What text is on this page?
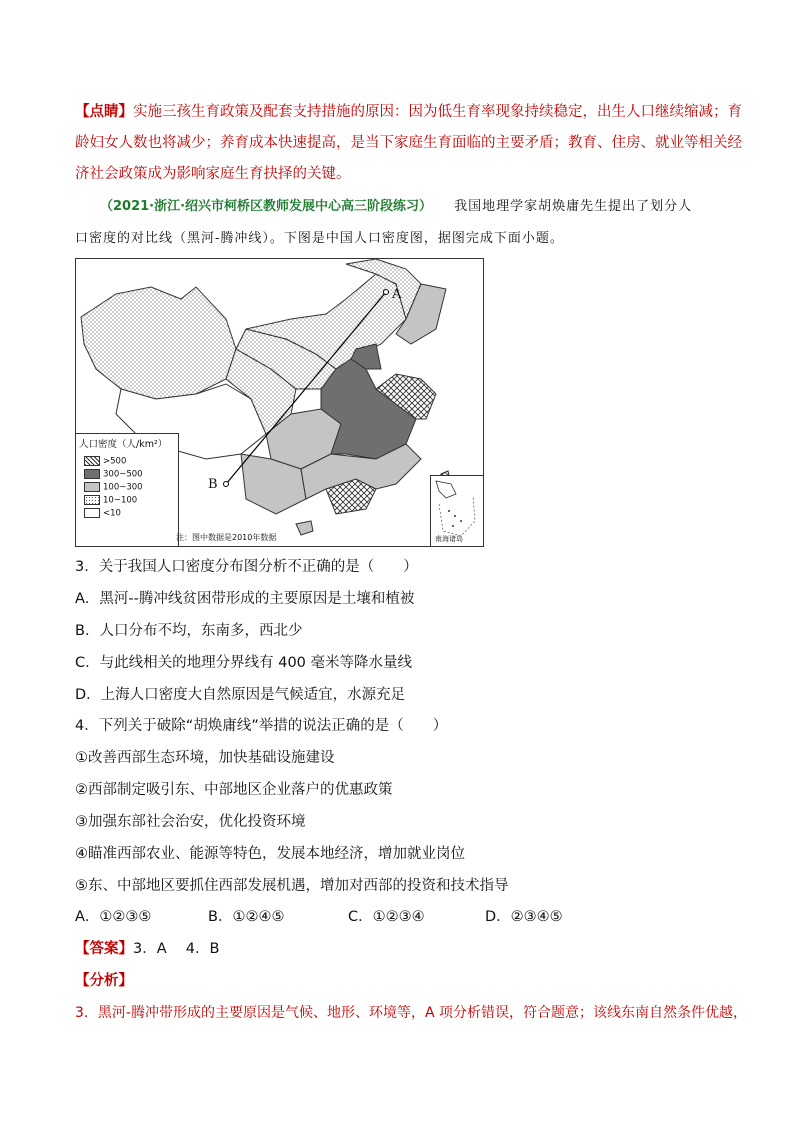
【点睛】实施三孩生育政策及配套支持措施的原因：因为低生育率现象持续稳定，出生人口继续缩减；育
龄妇女人数也将减少；养育成本快速提高，是当下家庭生育面临的主要矛盾；教育、住房、就业等相关经
济社会政策成为影响家庭生育抉择的关键。
（2021·浙江·绍兴市柯桥区教师发展中心高三阶段练习） 我国地理学家胡焕庸先生提出了划分人
口密度的对比线（黑河-腾冲线）。下图是中国人口密度图，据图完成下面小题。
A
B
人口密度（人/km²）
>500
300~500
100~300
10~100
<10
注：图中数据是2010年数据	南海诸岛
3．关于我国人口密度分布图分析不正确的是（　　）
A．黑河--腾冲线贫困带形成的主要原因是土壤和植被
B．人口分布不均，东南多，西北少
C．与此线相关的地理分界线有 400 毫米等降水量线
D．上海人口密度大自然原因是气候适宜，水源充足
4．下列关于破除“胡焕庸线”举措的说法正确的是（　　）
①改善西部生态环境，加快基础设施建设
②西部制定吸引东、中部地区企业落户的优惠政策
③加强东部社会治安，优化投资环境
④瞄准西部农业、能源等特色，发展本地经济，增加就业岗位
⑤东、中部地区要抓住西部发展机遇，增加对西部的投资和技术指导
A．①②③⑤	B．①②④⑤	C．①②③④	D．②③④⑤
【答案】3．A　 4．B
【分析】
3．黑河-腾冲带形成的主要原因是气候、地形、环境等，A 项分析错误，符合题意；该线东南自然条件优越，
